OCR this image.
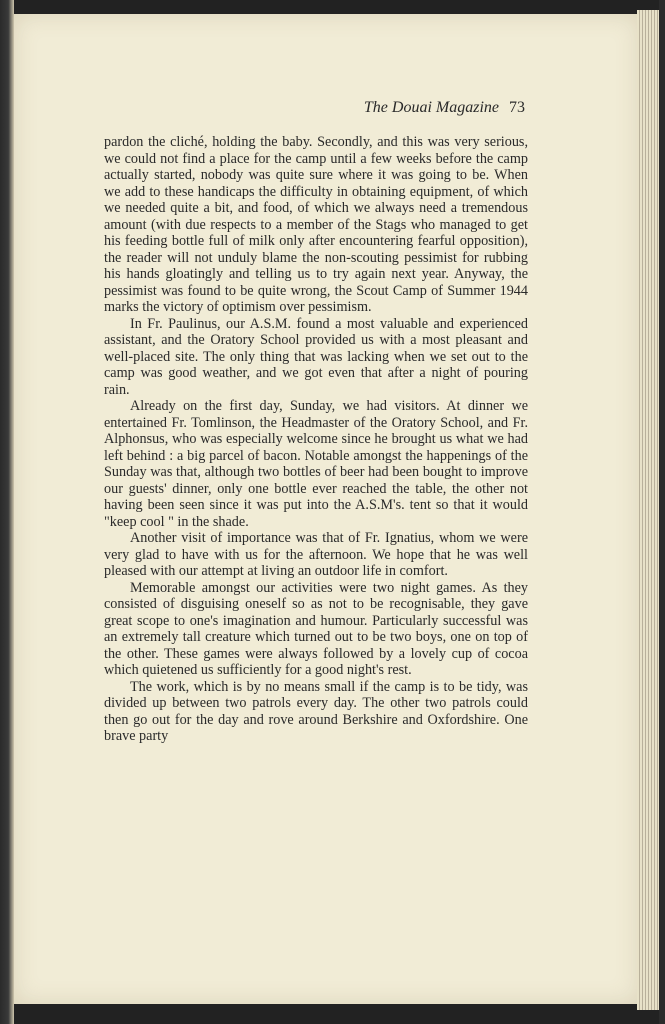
The Douai Magazine 73

pardon the cliché, holding the baby. Secondly, and this was very serious, we could not find a place for the camp until a few weeks before the camp actually started, nobody was quite sure where it was going to be. When we add to these handicaps the difficulty in obtaining equipment, of which we needed quite a bit, and food, of which we always need a tremendous amount (with due respects to a member of the Stags who managed to get his feeding bottle full of milk only after encountering fearful opposition), the reader will not unduly blame the non-scouting pessimist for rubbing his hands gloatingly and telling us to try again next year. Anyway, the pessimist was found to be quite wrong, the Scout Camp of Summer 1944 marks the victory of optimism over pessimism.

In Fr. Paulinus, our A.S.M. found a most valuable and experienced assistant, and the Oratory School provided us with a most pleasant and well-placed site. The only thing that was lacking when we set out to the camp was good weather, and we got even that after a night of pouring rain.

Already on the first day, Sunday, we had visitors. At dinner we entertained Fr. Tomlinson, the Headmaster of the Oratory School, and Fr. Alphonsus, who was especially welcome since he brought us what we had left behind : a big parcel of bacon. Notable amongst the happenings of the Sunday was that, although two bottles of beer had been bought to improve our guests' dinner, only one bottle ever reached the table, the other not having been seen since it was put into the A.S.M's. tent so that it would "keep cool " in the shade.

Another visit of importance was that of Fr. Ignatius, whom we were very glad to have with us for the afternoon. We hope that he was well pleased with our attempt at living an outdoor life in comfort.

Memorable amongst our activities were two night games. As they consisted of disguising oneself so as not to be recognisable, they gave great scope to one's imagination and humour. Particularly successful was an extremely tall creature which turned out to be two boys, one on top of the other. These games were always followed by a lovely cup of cocoa which quietened us sufficiently for a good night's rest.

The work, which is by no means small if the camp is to be tidy, was divided up between two patrols every day. The other two patrols could then go out for the day and rove around Berkshire and Oxfordshire. One brave party
